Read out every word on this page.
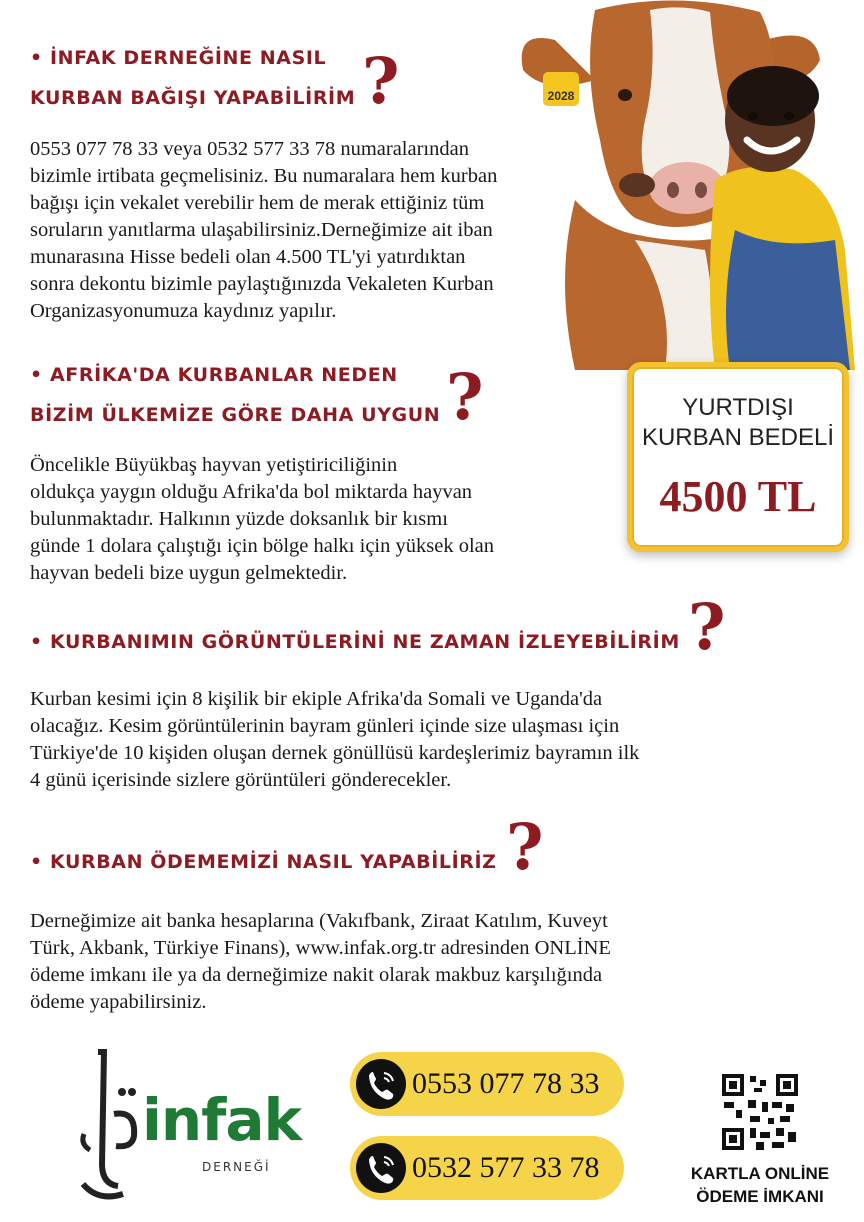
• İNFAK DERNEĞİNE NASIL
KURBAN BAĞIŞI YAPABİLİRİM ?
0553 077 78 33 veya 0532 577 33 78 numaralarından
bizimle irtibata geçmelisiniz. Bu numaralara hem kurban
bağışı için vekalet verebilir hem de merak ettiğiniz tüm
soruların yanıtlarma ulaşabilirsiniz.Derneğimize ait iban
munarasına Hisse bedeli olan 4.500 TL'yi yatırdıktan
sonra dekontu bizimle paylaştığınızda Vekaleten Kurban
Organizasyonumuza kaydınız yapılır.
• AFRİKA'DA KURBANLAR NEDEN
BİZİM ÜLKEMİZE GÖRE DAHA UYGUN ?
Öncelikle Büyükbaş hayvan yetiştiriciliğinin
oldukça yaygın olduğu Afrika'da bol miktarda hayvan
bulunmaktadır. Halkının yüzde doksanlık bir kısmı
günde 1 dolara çalıştığı için bölge halkı için yüksek olan
hayvan bedeli bize uygun gelmektedir.
• KURBANIMIN GÖRÜNTÜLERİNİ NE ZAMAN İZLEYEBİLİRİM ?
Kurban kesimi için 8 kişilik bir ekiple Afrika'da Somali ve Uganda'da
olacağız. Kesim görüntülerinin bayram günleri içinde size ulaşması için
Türkiye'de 10 kişiden oluşan dernek gönüllüsü kardeşlerimiz bayramın ilk
4 günü içerisinde sizlere görüntüleri gönderecekler.
• KURBAN ÖDEMEMİZİ NASIL YAPABİLİRİZ ?
Derneğimize ait banka hesaplarına (Vakıfbank, Ziraat Katılım, Kuveyt
Türk, Akbank, Türkiye Finans), www.infak.org.tr adresinden ONLİNE
ödeme imkanı ile ya da derneğimize nakit olarak makbuz karşılığında
ödeme yapabilirsiniz.
2028
YURTDIŞI
KURBAN BEDELİ
4500 TL
infak
DERNEĞİ
0553 077 78 33
0532 577 33 78	KARTLA ONLİNE
ÖDEME İMKANI
